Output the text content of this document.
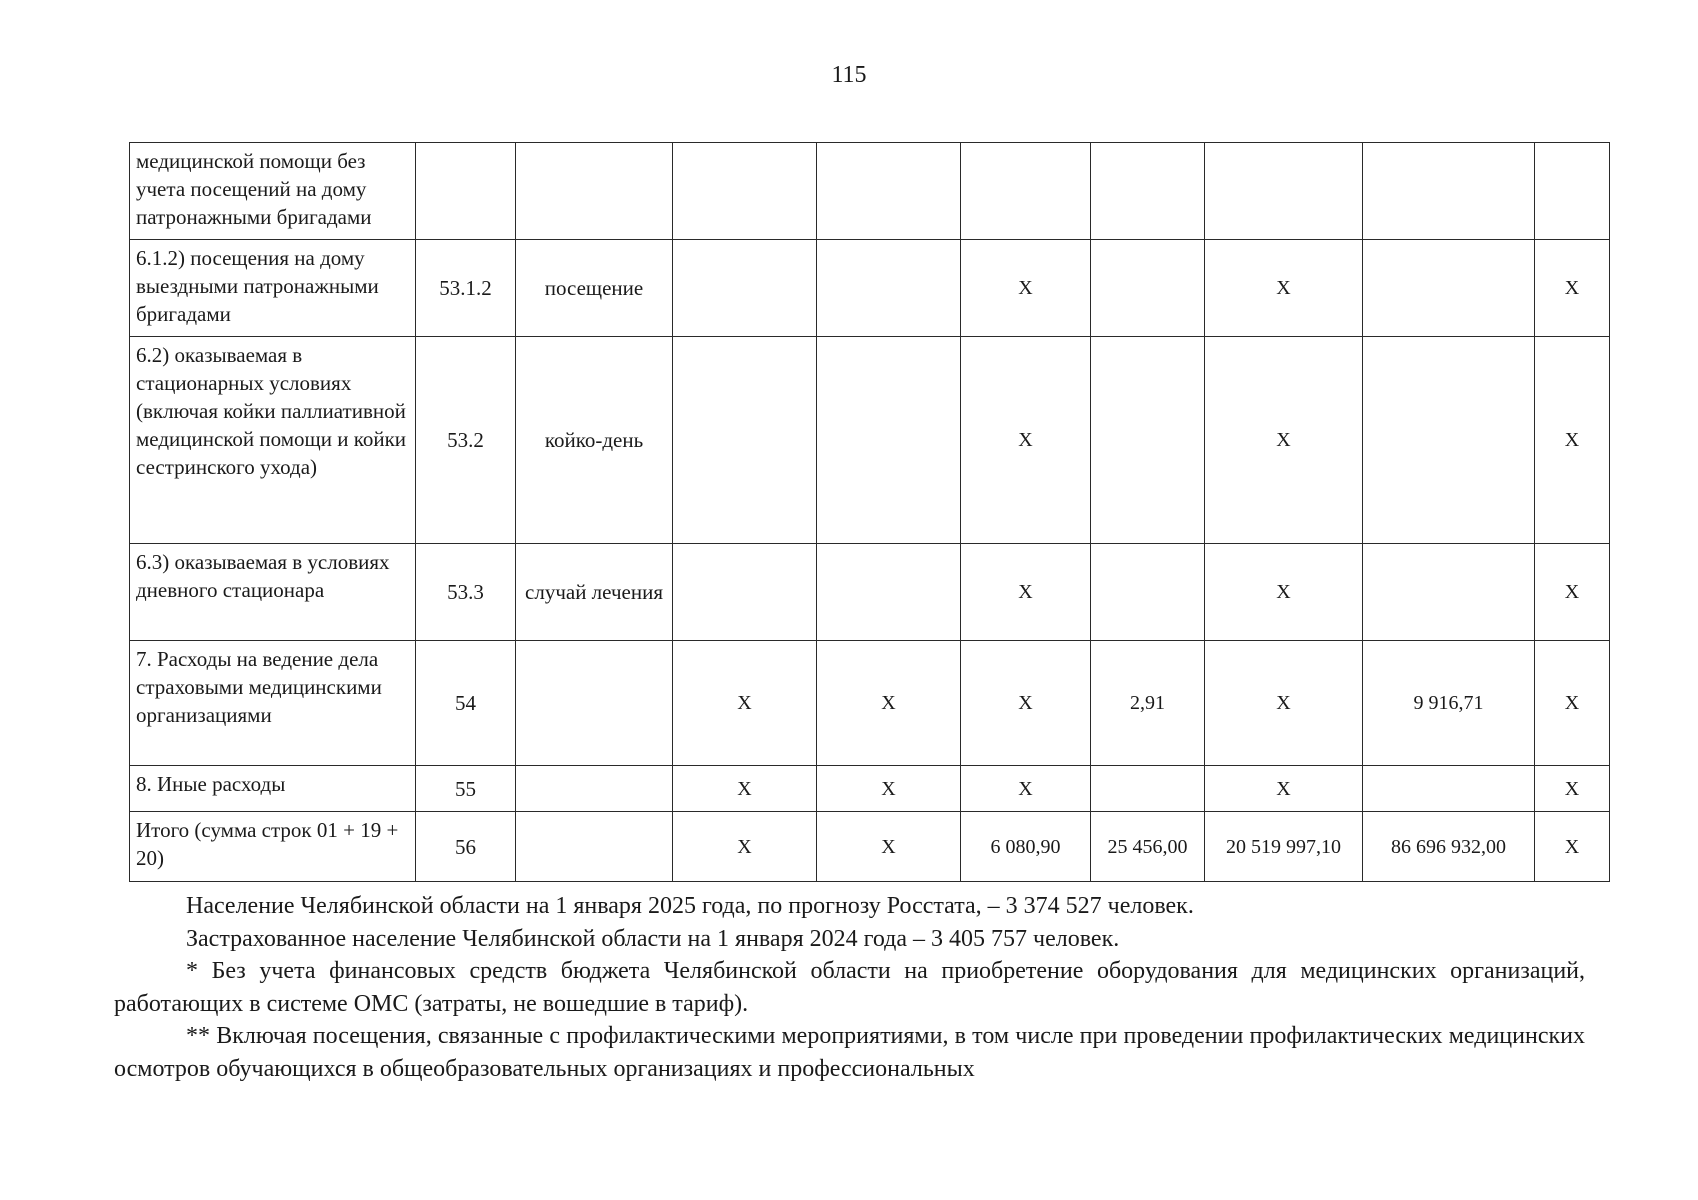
115
медицинской помощи без учета посещений на дому патронажными бригадами									
6.1.2) посещения на дому выездными патронажными бригадами	53.1.2	посещение			X		X		X
6.2) оказываемая в стационарных условиях (включая койки паллиативной медицинской помощи и койки сестринского ухода)	53.2	койко-день			X		X		X
6.3) оказываемая в условиях дневного стационара	53.3	случай лечения			X		X		X
7. Расходы на ведение дела страховыми медицинскими организациями	54		X	X	X	2,91	X	9 916,71	X
8. Иные расходы	55		X	X	X		X		X
Итого (сумма строк 01 + 19 + 20)	56		X	X	6 080,90	25 456,00	20 519 997,10	86 696 932,00	X

Население Челябинской области на 1 января 2025 года, по прогнозу Росстата, – 3 374 527 человек.

Застрахованное население Челябинской области на 1 января 2024 года – 3 405 757 человек.

* Без учета финансовых средств бюджета Челябинской области на приобретение оборудования для медицинских организаций, работающих в системе ОМС (затраты, не вошедшие в тариф).

** Включая посещения, связанные с профилактическими мероприятиями, в том числе при проведении профилактических медицинских осмотров обучающихся в общеобразовательных организациях и профессиональных
